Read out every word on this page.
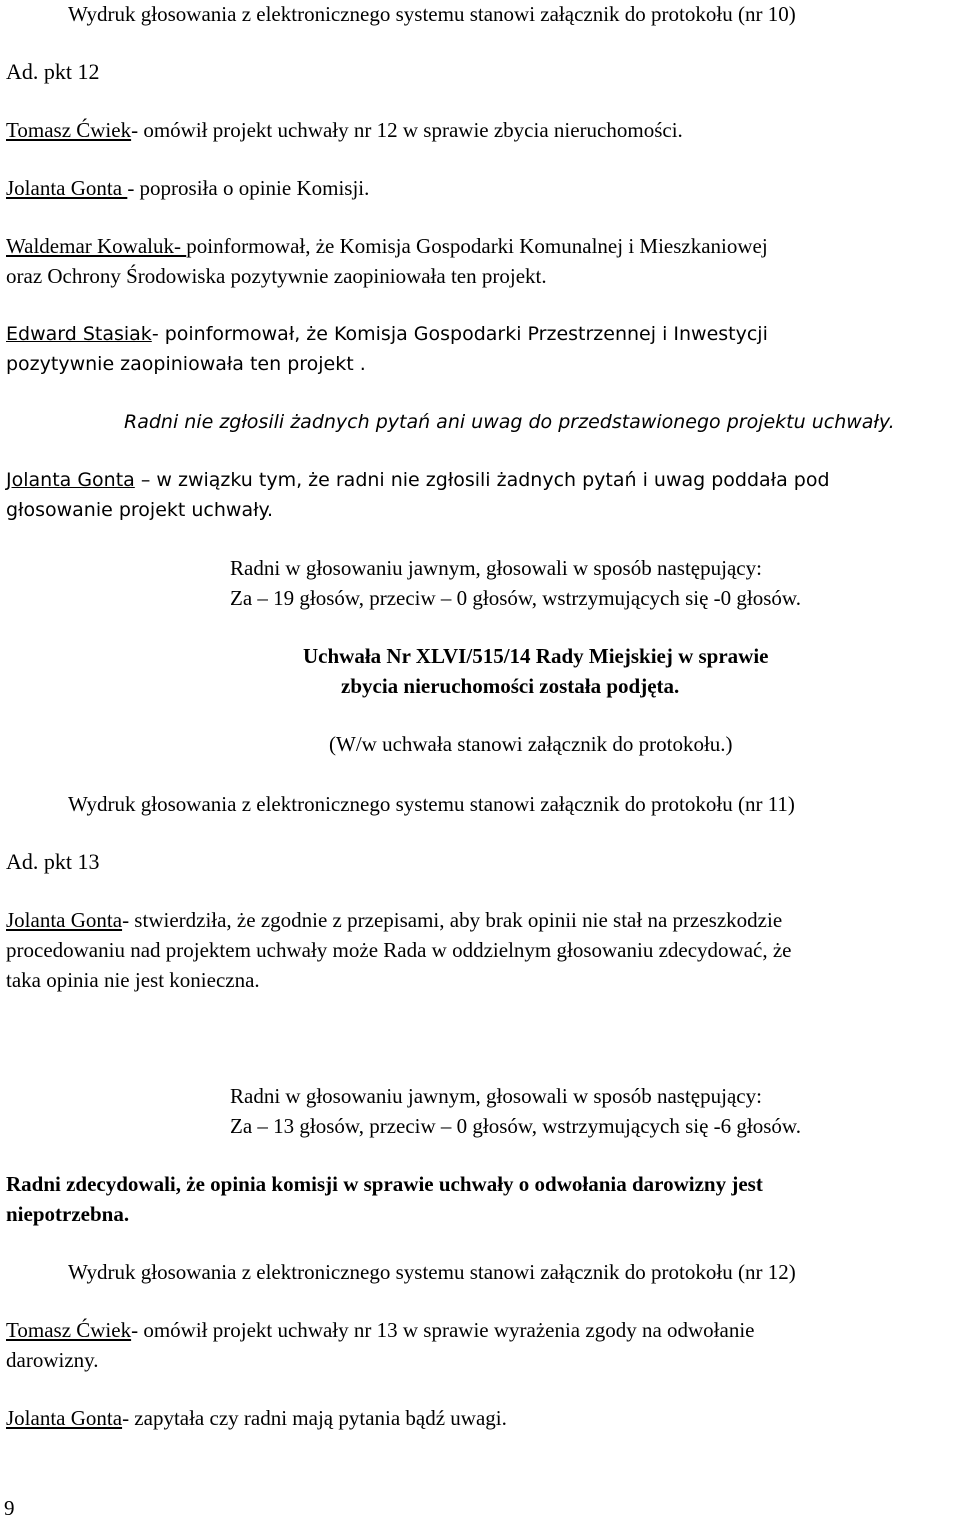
Wydruk głosowania z elektronicznego systemu stanowi załącznik do protokołu (nr 10)
Ad. pkt 12
Tomasz Ćwiek- omówił projekt uchwały nr 12 w sprawie zbycia nieruchomości.
Jolanta Gonta - poprosiła o opinie Komisji.
Waldemar Kowaluk- poinformował, że Komisja Gospodarki Komunalnej i Mieszkaniowej
oraz Ochrony Środowiska pozytywnie zaopiniowała ten projekt.
Edward Stasiak- poinformował, że Komisja Gospodarki Przestrzennej i Inwestycji
pozytywnie zaopiniowała ten projekt .
Radni nie zgłosili żadnych pytań ani uwag do przedstawionego projektu uchwały.
Jolanta Gonta – w związku tym, że radni nie zgłosili żadnych pytań i uwag poddała pod
głosowanie projekt uchwały.
Radni w głosowaniu jawnym, głosowali w sposób następujący:
Za – 19 głosów, przeciw – 0 głosów, wstrzymujących się -0 głosów.
Uchwała Nr XLVI/515/14 Rady Miejskiej w sprawie
zbycia nieruchomości została podjęta.
(W/w uchwała stanowi załącznik do protokołu.)
Wydruk głosowania z elektronicznego systemu stanowi załącznik do protokołu (nr 11)
Ad. pkt 13
Jolanta Gonta- stwierdziła, że zgodnie z przepisami, aby brak opinii nie stał na przeszkodzie
procedowaniu nad projektem uchwały może Rada w oddzielnym głosowaniu zdecydować, że
taka opinia nie jest konieczna.
Radni w głosowaniu jawnym, głosowali w sposób następujący:
Za – 13 głosów, przeciw – 0 głosów, wstrzymujących się -6 głosów.
Radni zdecydowali, że opinia komisji w sprawie uchwały o odwołania darowizny jest
niepotrzebna.
Wydruk głosowania z elektronicznego systemu stanowi załącznik do protokołu (nr 12)
Tomasz Ćwiek- omówił projekt uchwały nr 13 w sprawie wyrażenia zgody na odwołanie
darowizny.
Jolanta Gonta- zapytała czy radni mają pytania bądź uwagi.
9
